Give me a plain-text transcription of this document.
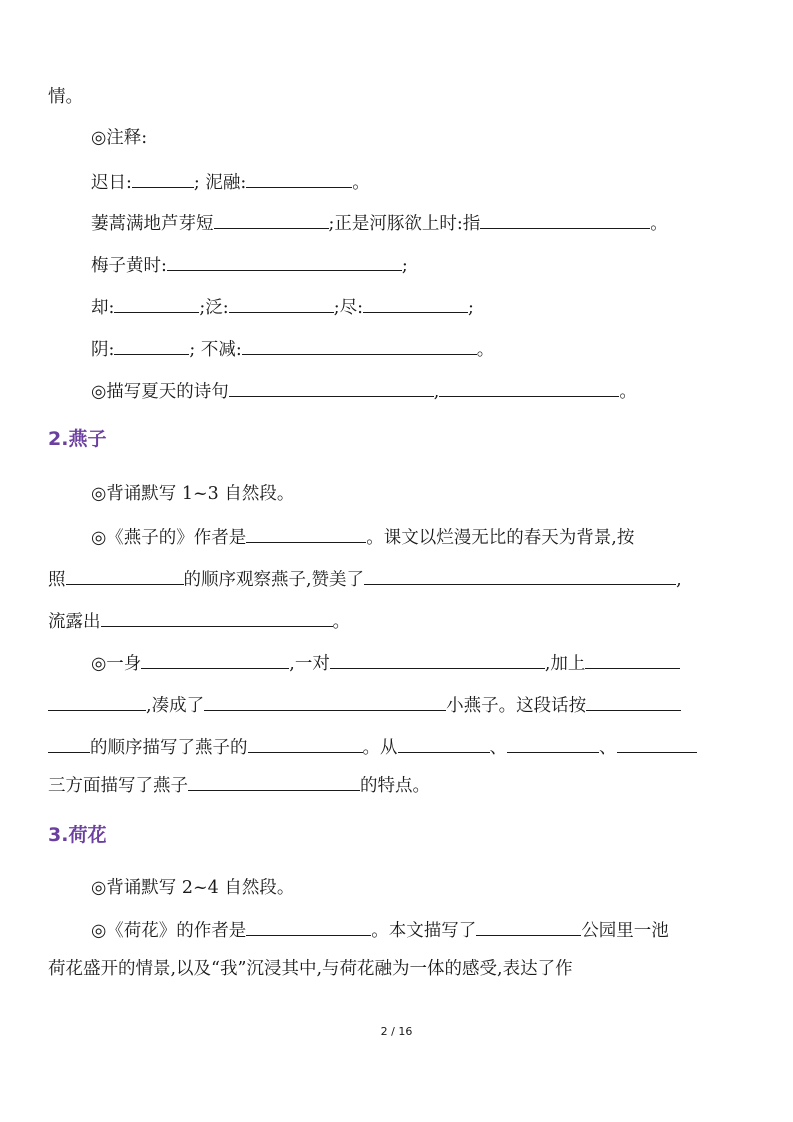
情。
◎注释:
迟日:	; 泥融:	。
萋蒿满地芦芽短	;正是河豚欲上时:指	。
梅子黄时:	;
却:	;泛:	;尽:	;
阴:	; 不减:	。
◎描写夏天的诗句	,	。
2.燕子
◎背诵默写 1~3 自然段。
◎《燕子的》作者是	。课文以烂漫无比的春天为背景,按
照	的顺序观察燕子,赞美了	,
流露出	。
◎一身	,一对	,加上
,凑成了	小燕子。这段话按
的顺序描写了燕子的	。从	、	、
三方面描写了燕子	的特点。
3.荷花
◎背诵默写 2~4 自然段。
◎《荷花》的作者是	。本文描写了	公园里一池
荷花盛开的情景,以及“我”沉浸其中,与荷花融为一体的感受,表达了作
2 / 16
